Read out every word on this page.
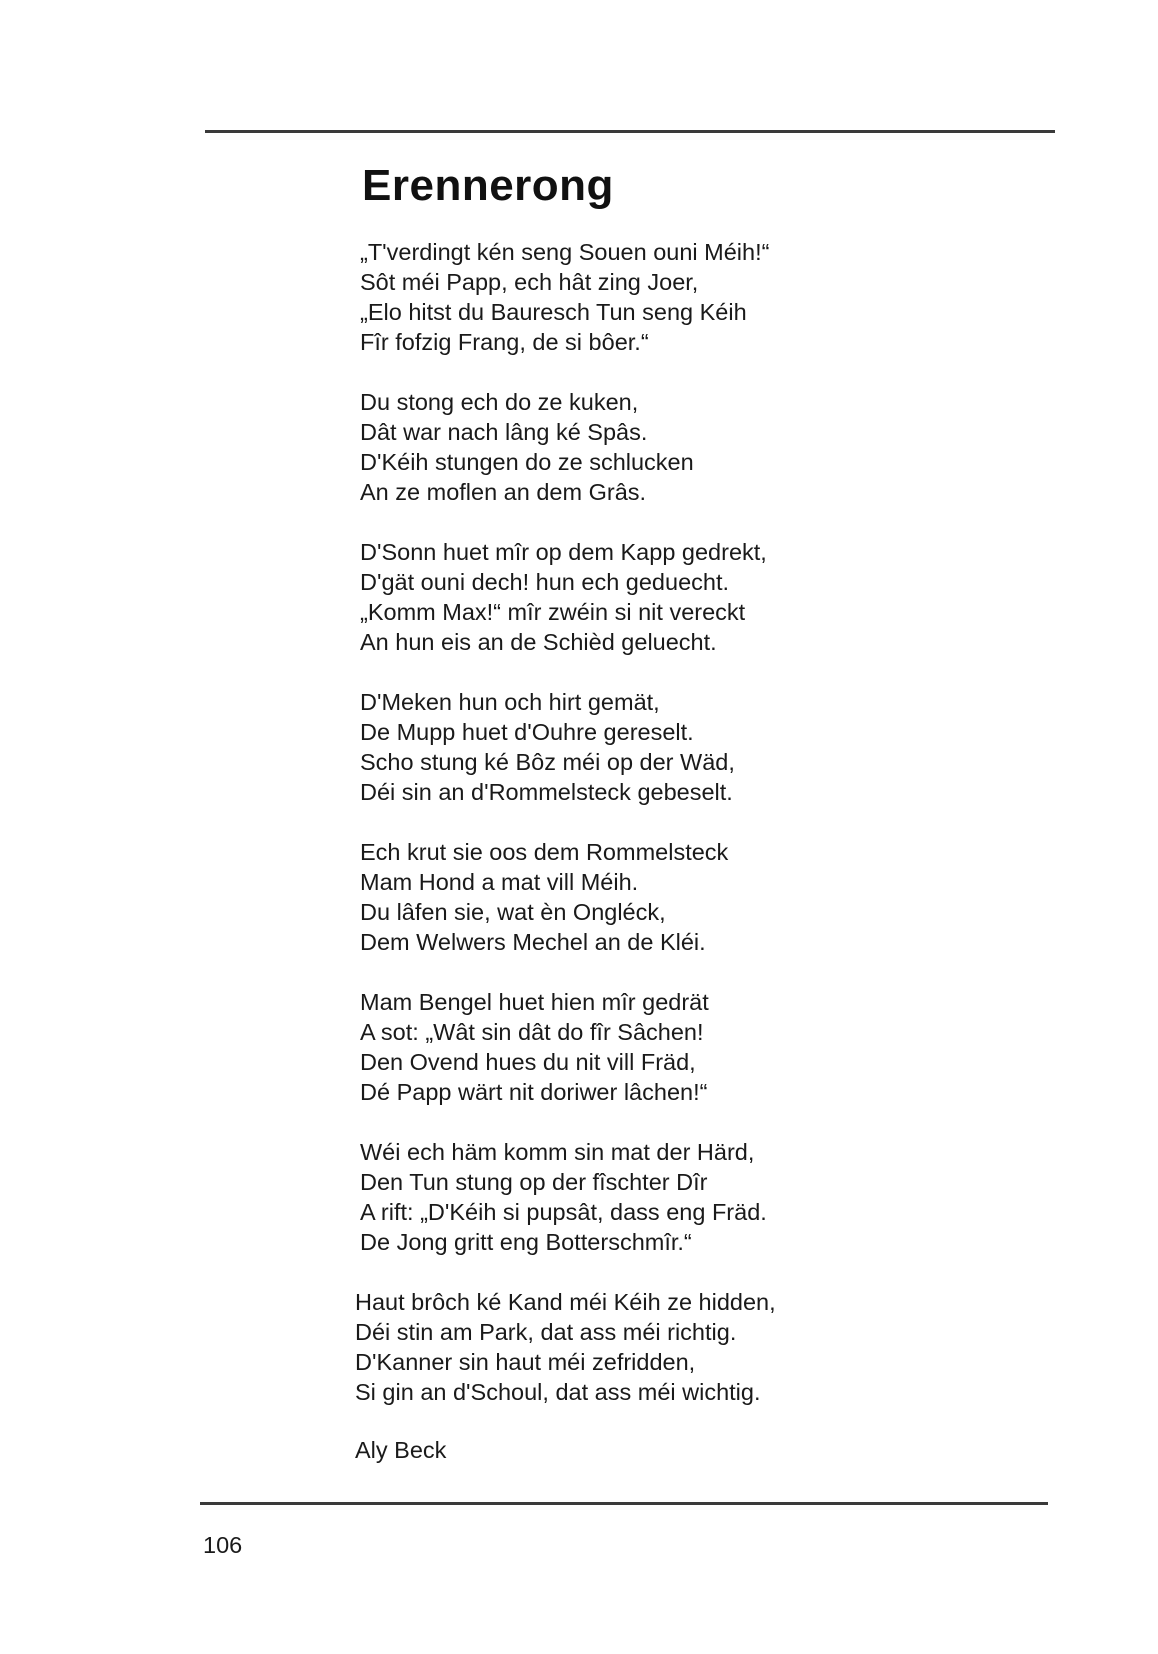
Erennerong
„T'verdingt kén seng Souen ouni Méih!“
Sôt méi Papp, ech hât zing Joer,
„Elo hitst du Bauresch Tun seng Kéih
Fîr fofzig Frang, de si bôer.“
Du stong ech do ze kuken,
Dât war nach lâng ké Spâs.
D'Kéih stungen do ze schlucken
An ze moflen an dem Grâs.
D'Sonn huet mîr op dem Kapp gedrekt,
D'gät ouni dech! hun ech geduecht.
„Komm Max!“ mîr zwéin si nit vereckt
An hun eis an de Schièd geluecht.
D'Meken hun och hirt gemät,
De Mupp huet d'Ouhre gereselt.
Scho stung ké Bôz méi op der Wäd,
Déi sin an d'Rommelsteck gebeselt.
Ech krut sie oos dem Rommelsteck
Mam Hond a mat vill Méih.
Du lâfen sie, wat èn Ongléck,
Dem Welwers Mechel an de Kléi.
Mam Bengel huet hien mîr gedrät
A sot: „Wât sin dât do fîr Sâchen!
Den Ovend hues du nit vill Fräd,
Dé Papp wärt nit doriwer lâchen!“
Wéi ech häm komm sin mat der Härd,
Den Tun stung op der fîschter Dîr
A rift: „D'Kéih si pupsât, dass eng Fräd.
De Jong gritt eng Botterschmîr.“
Haut brôch ké Kand méi Kéih ze hidden,
Déi stin am Park, dat ass méi richtig.
D'Kanner sin haut méi zefridden,
Si gin an d'Schoul, dat ass méi wichtig.
Aly Beck
106
